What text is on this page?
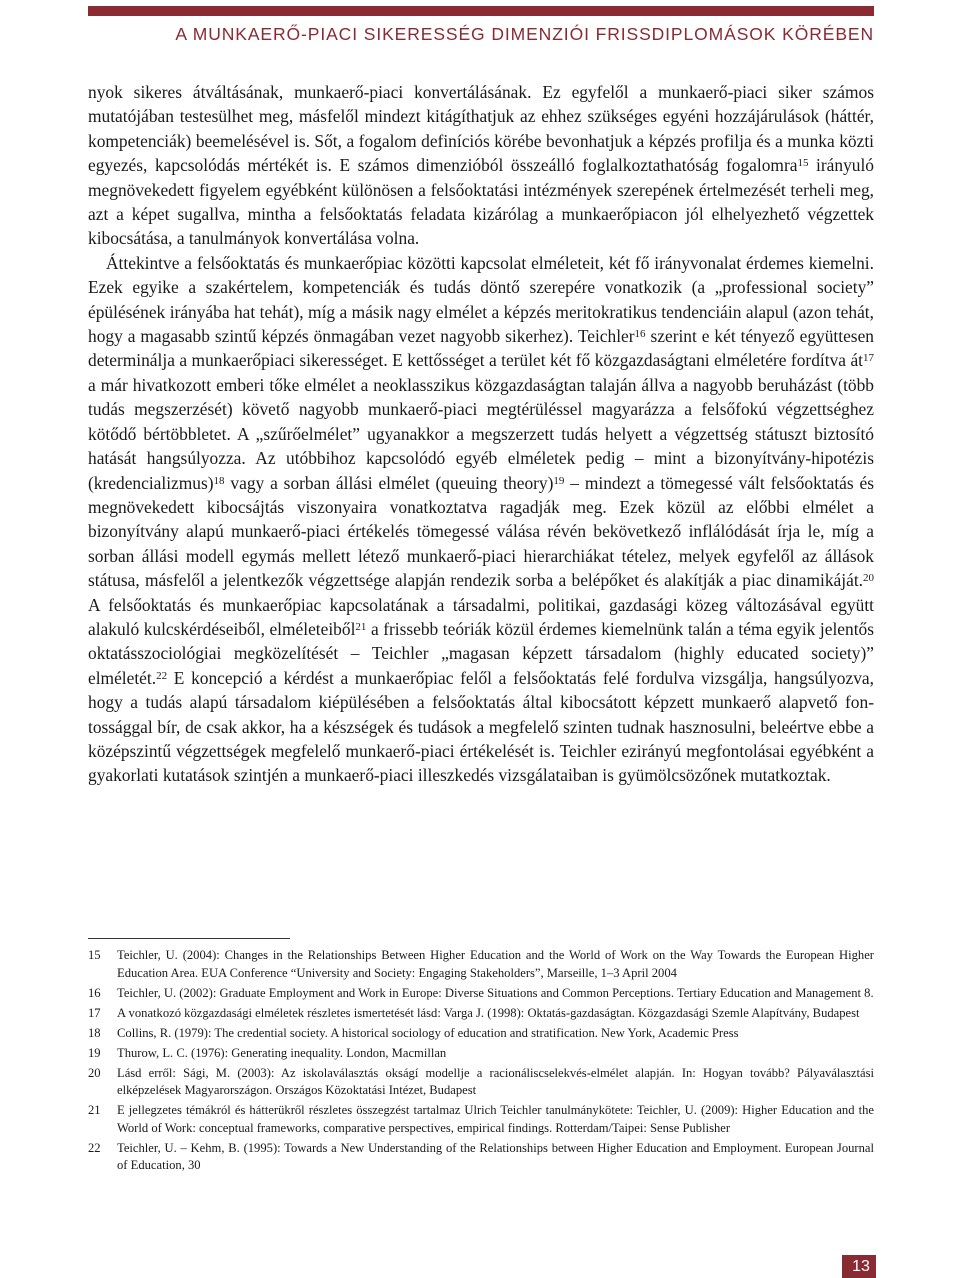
A MUNKAERŐ-PIACI SIKERESSÉG DIMENZIÓI FRISSDIPLOMÁSOK KÖRÉBEN

nyok sikeres átváltásának, munkaerő-piaci konvertálásának. Ez egyfelől a munkaerő-piaci siker számos mutatójában testesülhet meg, másfelől mindezt kitágíthatjuk az ehhez szükséges egyéni hozzájárulások (háttér, kompetenciák) beemelésével is. Sőt, a fogalom definíciós körébe bevonhatjuk a képzés profilja és a munka közti egyezés, kapcsolódás mértékét is. E számos dimenzióból összeálló foglalkoztathatóság fogalomra$^{15}$ irányuló megnövekedett figyelem egyébként különösen a felsőoktatási intézmények szerepének értelmezését terheli meg, azt a képet sugallva, mintha a felsőoktatás feladata kizárólag a munkaerőpiacon jól elhelyezhető végzettek kibocsátása, a tanulmányok konvertálása volna.

Áttekintve a felsőoktatás és munkaerőpiac közötti kapcsolat elméleteit, két fő irányvonalat érdemes kiemelni. Ezek egyike a szakértelem, kompetenciák és tudás döntő szerepére vonatkozik (a „professional society” épülésének irányába hat tehát), míg a másik nagy elmélet a képzés meritokratikus tendenciáin alapul (azon tehát, hogy a magasabb szintű képzés önmagában vezet nagyobb sikerhez). Teichler$^{16}$ szerint e két tényező együttesen determinálja a munkaerőpiaci sikerességet. E kettősséget a terület két fő közgazdaságtani elméletére fordítva $át^{17}$ a már hivatkozott emberi tőke elmélet a neoklasszikus közgazdaságtan talaján állva a nagyobb beruházást (több tudás megszerzését) követő nagyobb munkaerő-piaci megtérüléssel magyarázza a felsőfokú végzettséghez kötődő bértöbbletet. A „szűrőelmélet” ugyanakkor a megszerzett tudás helyett a végzettség státuszt biztosító hatását hangsúlyozza. Az utóbbihoz kapcsolódó egyéb elméletek pedig – mint a bizonyítvány-hipotézis (kredencializmus)$^{18}$ vagy a sorban állási elmélet (queuing theory)$^{19}$ – mindezt a tömegessé vált felsőoktatás és megnövekedett kibocsájtás viszonyaira vonatkoztatva ragadják meg. Ezek közül az előbbi elmélet a bizonyítvány alapú munkaerő-piaci értékelés tömegessé válása révén bekövetkező inflálódását írja le, míg a sorban állási modell egymás mellett létező munkaerő-piaci hierarchiákat tételez, melyek egyfelől az állások státusa, másfelől a jelentkezők végzettsége alapján rendezik sorba a belépőket és alakítják a piac dinamikáját.$^{20}$ A felsőoktatás és munkaerőpiac kapcsolatának a társadalmi, politikai, gazdasági közeg változásával együtt alakuló kulcskérdéseiből, elméleteiből$^{21}$ a frissebb teóriák közül érdemes kiemelnünk talán a téma egyik jelentős oktatásszociológiai megközelítését – Teichler „magasan képzett társadalom (highly educated society)” elméletét.$^{22}$ E koncepció a kérdést a munkaerőpiac felől a felsőoktatás felé fordulva vizsgálja, hangsúlyozva, hogy a tudás alapú társadalom kiépülésében a felsőoktatás által kibocsátott képzett munkaerő alapvető fontossággal bír, de csak akkor, ha a készségek és tudások a megfelelő szinten tudnak hasznosulni, beleértve ebbe a középszintű végzettségek megfelelő munkaerő-piaci értékelését is. Teichler ezirányú megfontolásai egyébként a gyakorlati kutatások szintjén a munkaerő-piaci illeszkedés vizsgálataiban is gyümölcsözőnek mutatkoztak.

15	Teichler, U. (2004): Changes in the Relationships Between Higher Education and the World of Work on the Way Towards the European Higher Education Area. EUA Conference “University and Society: Engaging Stakeholders”, Marseille, 1–3 April 2004
16	Teichler, U. (2002): Graduate Employment and Work in Europe: Diverse Situations and Common Perceptions. Tertiary Education and Management 8.
17	A vonatkozó közgazdasági elméletek részletes ismertetését lásd: Varga J. (1998): Oktatás-gazdaságtan. Közgazdasági Szemle Alapítvány, Budapest
18	Collins, R. (1979): The credential society. A historical sociology of education and stratification. New York, Academic Press
19	Thurow, L. C. (1976): Generating inequality. London, Macmillan
20	Lásd erről: Sági, M. (2003): Az iskolaválasztás okságí modellje a racionáliscselekvés-elmélet alapján. In: Hogyan tovább? Pályaválasztási elképzelések Magyarországon. Országos Közoktatási Intézet, Budapest
21	E jellegzetes témákról és hátterükről részletes összegzést tartalmaz Ulrich Teichler tanulmánykötete: Teichler, U. (2009): Higher Education and the World of Work: conceptual frameworks, comparative perspectives, empirical findings. Rotterdam/Taipei: Sense Publisher
22	Teichler, U. – Kehm, B. (1995): Towards a New Understanding of the Relationships between Higher Education and Employment. European Journal of Education, 30
13
